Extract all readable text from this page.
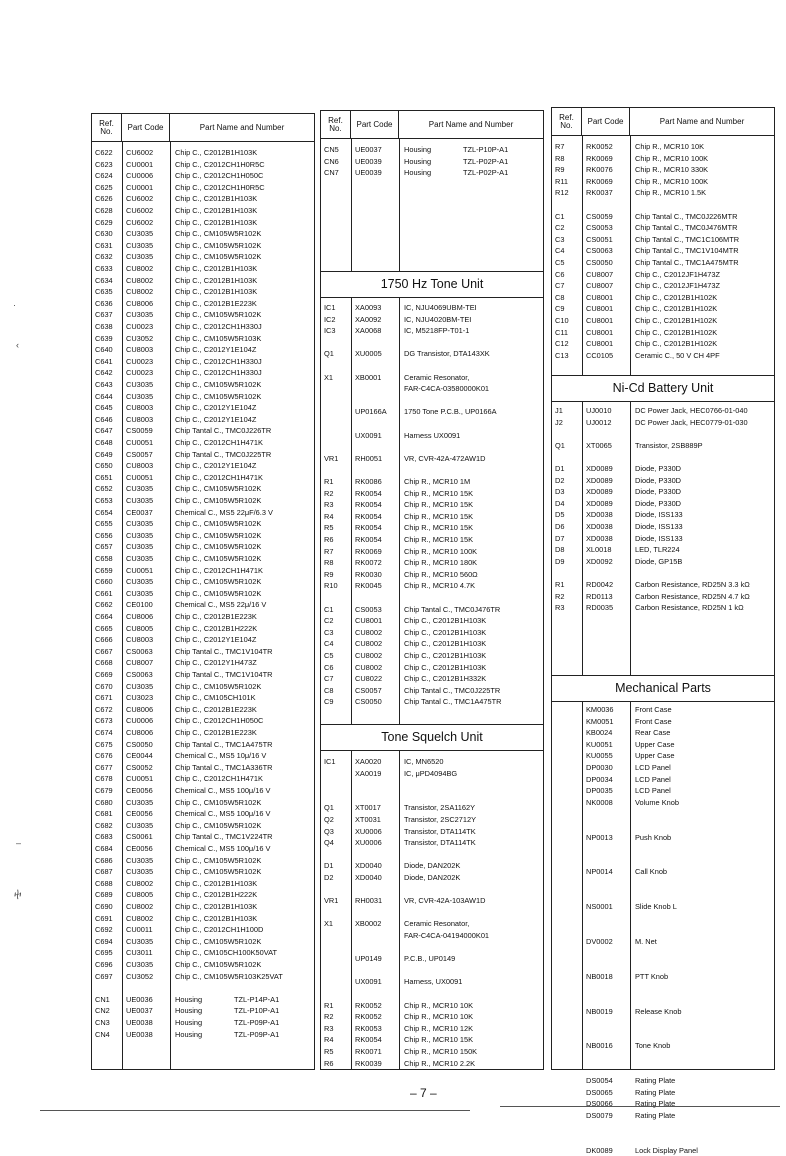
Ref. No.	Part Code	Part Name and Number
C622 CU6002	Chip C., C2012B1H103K
C623 CU0001	Chip C., C2012CH1H0R5C
C624 CU0006	Chip C., C2012CH1H050C
C625 CU0001	Chip C., C2012CH1H0R5C
C626 CU6002	Chip C., C2012B1H103K
C628 CU6002	Chip C., C2012B1H103K
C629 CU6002	Chip C., C2012B1H103K
C630 CU3035	Chip C., CM105W5R102K
C631 CU3035	Chip C., CM105W5R102K
C632 CU3035	Chip C., CM105W5R102K
C633 CU8002	Chip C., C2012B1H103K
C634 CU8002	Chip C., C2012B1H103K
C635 CU8002	Chip C., C2012B1H103K
C636 CU8006	Chip C., C2012B1E223K
C637 CU3035	Chip C., CM105W5R102K
C638 CU0023	Chip C., C2012CH1H330J
C639 CU3052	Chip C., CM105W5R103K
C640 CU8003	Chip C., C2012Y1E104Z
C641 CU0023	Chip C., C2012CH1H330J
C642 CU0023	Chip C., C2012CH1H330J
C643 CU3035	Chip C., CM105W5R102K
C644 CU3035	Chip C., CM105W5R102K
C645 CU8003	Chip C., C2012Y1E104Z
C646 CU8003	Chip C., C2012Y1E104Z
C647 CS0059	Chip Tantal C., TMC0J226TR
C648 CU0051	Chip C., C2012CH1H471K
C649 CS0057	Chip Tantal C., TMC0J225TR
C650 CU8003	Chip C., C2012Y1E104Z
C651 CU0051	Chip C., C2012CH1H471K
C652 CU3035	Chip C., CM105W5R102K
C653 CU3035	Chip C., CM105W5R102K
C654 CE0037	Chemical C., MS5 22μF/6.3 V
C655 CU3035	Chip C., CM105W5R102K
C656 CU3035	Chip C., CM105W5R102K
C657 CU3035	Chip C., CM105W5R102K
C658 CU3035	Chip C., CM105W5R102K
C659 CU0051	Chip C., C2012CH1H471K
C660 CU3035	Chip C., CM105W5R102K
C661 CU3035	Chip C., CM105W5R102K
C662 CE0100	Chemical C., MS5 22μ/16 V
C664 CU8006	Chip C., C2012B1E223K
C665 CU8005	Chip C., C2012B1H222K
C666 CU8003	Chip C., C2012Y1E104Z
C667 CS0063	Chip Tantal C., TMC1V104TR
C668 CU8007	Chip C., C2012Y1H473Z
C669 CS0063	Chip Tantal C., TMC1V104TR
C670 CU3035	Chip C., CM105W5R102K
C671 CU3023	Chip C., CM105CH101K
C672 CU8006	Chip C., C2012B1E223K
C673 CU0006	Chip C., C2012CH1H050C
C674 CU8006	Chip C., C2012B1E223K
C675 CS0050	Chip Tantal C., TMC1A475TR
C676 CE0044	Chemical C., MS5 10μ/16 V
C677 CS0052	Chip Tantal C., TMC1A336TR
C678 CU0051	Chip C., C2012CH1H471K
C679 CE0056	Chemical C., MS5 100μ/16 V
C680 CU3035	Chip C., CM105W5R102K
C681 CE0056	Chemical C., MS5 100μ/16 V
C682 CU3035	Chip C., CM105W5R102K
C683 CS0061	Chip Tantal C., TMC1V224TR
C684 CE0056	Chemical C., MS5 100μ/16 V
C686 CU3035	Chip C., CM105W5R102K
C687 CU3035	Chip C., CM105W5R102K
C688 CU8002	Chip C., C2012B1H103K
C689 CU8005	Chip C., C2012B1H222K
C690 CU8002	Chip C., C2012B1H103K
C691 CU8002	Chip C., C2012B1H103K
C692 CU0011	Chip C., C2012CH1H100D
C694 CU3035	Chip C., CM105W5R102K
C695 CU3011	Chip C., CM105CH100K50VAT
C696 CU3035	Chip C., CM105W5R102K
C697 CU3052	Chip C., CM105W5R103K25VAT
CN1 UE0036	Housing	TZL-P14P-A1
CN2 UE0037	Housing	TZL-P10P-A1
CN3 UE0038	Housing	TZL-P09P-A1
CN4 UE0038	Housing	TZL-P09P-A1
Ref. No.	Part Code	Part Name and Number
CN5 UE0037	Housing	TZL-P10P-A1
CN6 UE0039	Housing	TZL-P02P-A1
CN7 UE0039	Housing	TZL-P02P-A1
1750 Hz Tone Unit
IC1	XA0093	IC, NJU4069UBM-TEI
IC2	XA0092	IC, NJU4020BM-TEI
IC3	XA0068	IC, M5218FP-T01-1
Q1	XU0005	DG Transistor, DTA143XK
X1	XB0001	Ceramic Resonator,
FAR-C4CA-03580000K01
UP0166A 1750 Tone P.C.B., UP0166A
UX0091	Harness UX0091
VR1 RH0051	VR, CVR-42A-472AW1D
R1	RK0086	Chip R., MCR10 1M
R2	RK0054	Chip R., MCR10 15K
R3	RK0054	Chip R., MCR10 15K
R4	RK0054	Chip R., MCR10 15K
R5	RK0054	Chip R., MCR10 15K
R6	RK0054	Chip R., MCR10 15K
R7	RK0069	Chip R., MCR10 100K
R8	RK0072	Chip R., MCR10 180K
R9	RK0030	Chip R., MCR10 560Ω
R10 RK0045	Chip R., MCR10 4.7K
C1	CS0053	Chip Tantal C., TMC0J476TR
C2	CU8001	Chip C., C2012B1H103K
C3	CU8002	Chip C., C2012B1H103K
C4	CU8002	Chip C., C2012B1H103K
C5	CU8002	Chip C., C2012B1H103K
C6	CU8002	Chip C., C2012B1H103K
C7	CU8022	Chip C., C2012B1H332K
C8	CS0057	Chip Tantal C., TMC0J225TR
C9	CS0050	Chip Tantal C., TMC1A475TR
Tone Squelch Unit
IC1	XA0020	IC, MN6520
XA0019	IC, μPD4094BG
Q1	XT0017	Transistor, 2SA1162Y
Q2	XT0031	Transistor, 2SC2712Y
Q3	XU0006	Transistor, DTA114TK
Q4	XU0006	Transistor, DTA114TK
D1	XD0040	Diode, DAN202K
D2	XD0040	Diode, DAN202K
VR1 RH0031	VR, CVR-42A-103AW1D
X1	XB0002	Ceramic Resonator,
FAR-C4CA-04194000K01
UP0149	P.C.B., UP0149
UX0091	Harness, UX0091
R1	RK0052	Chip R., MCR10 10K
R2	RK0052	Chip R., MCR10 10K
R3	RK0053	Chip R., MCR10 12K
R4	RK0054	Chip R., MCR10 15K
R5	RK0071	Chip R., MCR10 150K
R6	RK0039	Chip R., MCR10 2.2K
Ref. No.	Part Code	Part Name and Number
R7	RK0052	Chip R., MCR10 10K
R8	RK0069	Chip R., MCR10 100K
R9	RK0076	Chip R., MCR10 330K
R11 RK0069	Chip R., MCR10 100K
R12 RK0037	Chip R., MCR10 1.5K
C1	CS0059	Chip Tantal C., TMC0J226MTR
C2	CS0053	Chip Tantal C., TMC0J476MTR
C3	CS0051	Chip Tantal C., TMC1C106MTR
C4	CS0063	Chip Tantal C., TMC1V104MTR
C5	CS0050	Chip Tantal C., TMC1A475MTR
C6	CU8007	Chip C., C2012JF1H473Z
C7	CU8007	Chip C., C2012JF1H473Z
C8	CU8001	Chip C., C2012B1H102K
C9	CU8001	Chip C., C2012B1H102K
C10 CU8001	Chip C., C2012B1H102K
C11 CU8001	Chip C., C2012B1H102K
C12 CU8001	Chip C., C2012B1H102K
C13 CC0105	Ceramic C., 50 V CH 4PF
Ni-Cd Battery Unit
J1	UJ0010	DC Power Jack, HEC0766-01-040
J2	UJ0012	DC Power Jack, HEC0779-01-030
Q1	XT0065	Transistor, 2SB889P
D1	XD0089	Diode, P330D
D2	XD0089	Diode, P330D
D3	XD0089	Diode, P330D
D4	XD0089	Diode, P330D
D5	XD0038	Diode, ISS133
D6	XD0038	Diode, ISS133
D7	XD0038	Diode, ISS133
D8	XL0018	LED, TLR224
D9	XD0092	Diode, GP15B
R1	RD0042	Carbon Resistance, RD25N 3.3 kΩ
R2	RD0113	Carbon Resistance, RD25N 4.7 kΩ
R3	RD0035	Carbon Resistance, RD25N 1 kΩ
Mechanical Parts
KM0036	Front Case
KM0051	Front Case
KB0024	Rear Case
KU0051	Upper Case
KU0055	Upper Case
DP0030	LCD Panel
DP0034	LCD Panel
DP0035	LCD Panel
NK0008	Volume Knob
NP0013	Push Knob
NP0014	Call Knob
NS0001	Slide Knob L
DV0002	M. Net
NB0018	PTT Knob
NB0019	Release Knob
NB0016	Tone Knob
DS0054	Rating Plate
DS0065	Rating Plate
DS0066	Rating Plate
DS0079	Rating Plate
DK0089	Lock Display Panel
– 7 –
·
‹
–
ⴕ
